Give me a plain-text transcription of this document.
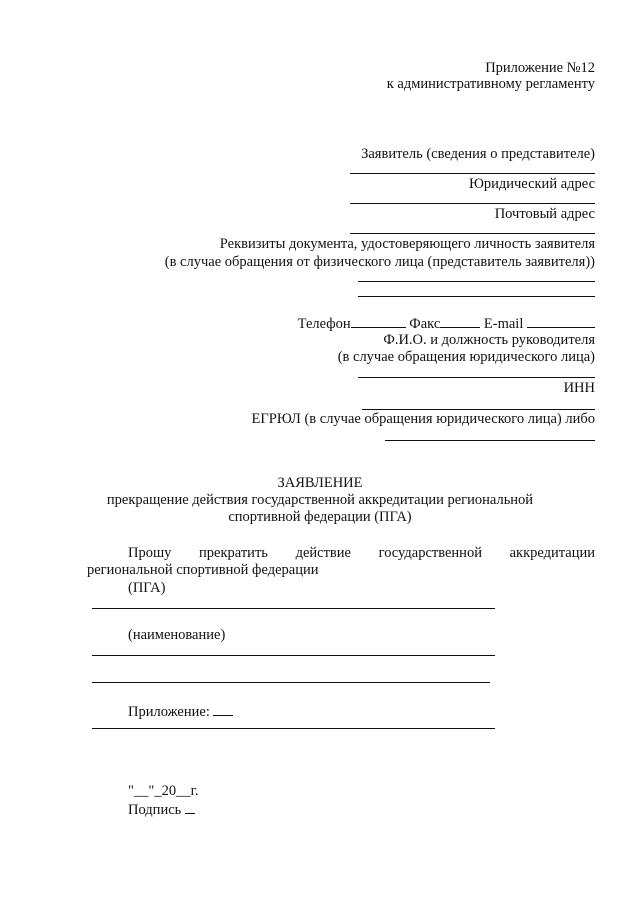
Приложение №12
к административному регламенту
Заявитель (сведения о представителе)
Юридический адрес
Почтовый адрес
Реквизиты документа, удостоверяющего личность заявителя
(в случае обращения от физического лица (представитель заявителя))
Телефон	Факс	E-mail
Ф.И.О. и должность руководителя
(в случае обращения юридического лица)
ИНН
ЕГРЮЛ (в случае обращения юридического лица) либо
ЗАЯВЛЕНИЕ
прекращение действия государственной аккредитации региональной
спортивной федерации (ПГА)
Прошу прекратить действие государственной аккредитации
региональной спортивной федерации
(ПГА)
(наименование)
Приложение:
"__"_20__г.
Подпись
